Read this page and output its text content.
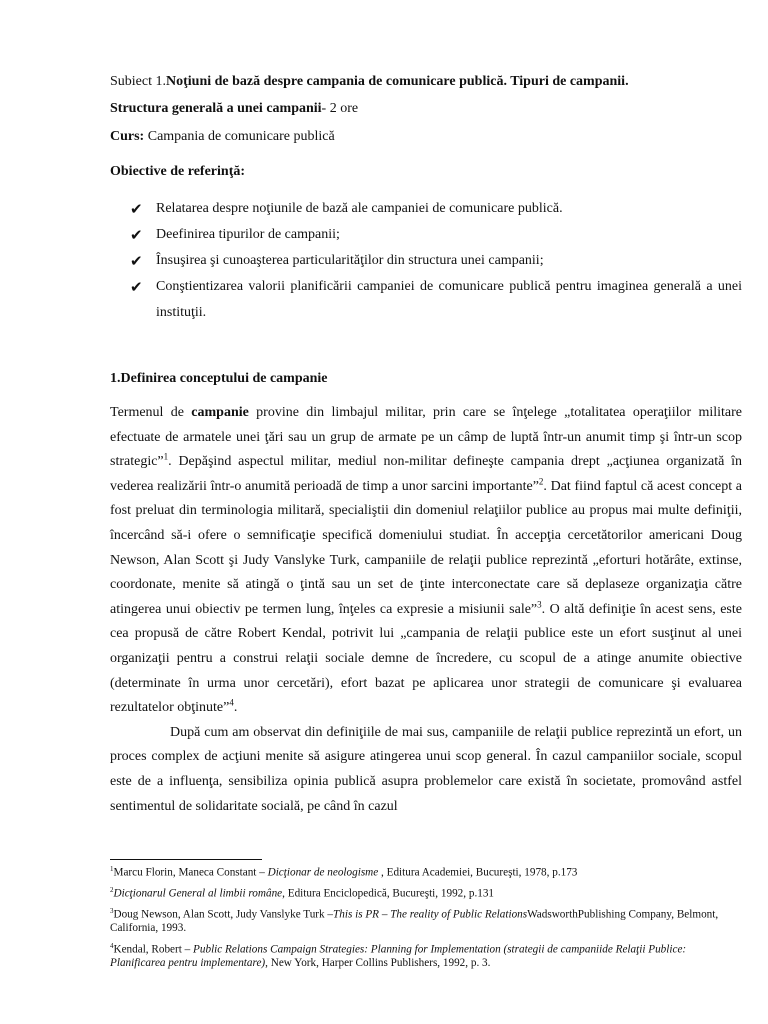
Subiect 1.Noţiuni de bază despre campania de comunicare publică. Tipuri de campanii.
Structura generală a unei campanii- 2 ore
Curs: Campania de comunicare publică
Obiective de referinţă:
✔ Relatarea despre noţiunile de bază ale campaniei de comunicare publică.
✔ Deefinirea tipurilor de campanii;
✔ Însuşirea şi cunoaşterea particularităţilor din structura unei campanii;
✔ Conştientizarea valorii planificării campaniei de comunicare publică pentru imaginea generală a unei instituţii.
1.Definirea conceptului de campanie

Termenul de campanie provine din limbajul militar, prin care se înţelege „totalitatea operaţiilor militare efectuate de armatele unei ţări sau un grup de armate pe un câmp de luptă într-un anumit timp şi într-un scop strategic”$^1$. Depăşind aspectul militar, mediul non-militar defineşte campania drept „acţiunea organizată în vederea realizării într-o anumită perioadă de timp a unor sarcini importante”$^2$. Dat fiind faptul că acest concept a fost preluat din terminologia militară, specialiştii din domeniul relaţiilor publice au propus mai multe definiţii, încercând să-i ofere o semnificaţie specifică domeniului studiat. În accepţia cercetătorilor americani Doug Newson, Alan Scott şi Judy Vanslyke Turk, campaniile de relaţii publice reprezintă „eforturi hotărâte, extinse, coordonate, menite să atingă o ţintă sau un set de ţinte interconectate care să deplaseze organizaţia către atingerea unui obiectiv pe termen lung, înţeles ca expresie a misiunii sale”$^3$. O altă definiţie în acest sens, este cea propusă de către Robert Kendal, potrivit lui „campania de relaţii publice este un efort susţinut al unei organizaţii pentru a construi relaţii sociale demne de încredere, cu scopul de a atinge anumite obiective (determinate în urma unor cercetări), efort bazat pe aplicarea unor strategii de comunicare şi evaluarea rezultatelor obţinute”$^4$.

După cum am observat din definiţiile de mai sus, campaniile de relaţii publice reprezintă un efort, un proces complex de acţiuni menite să asigure atingerea unui scop general. În cazul campaniilor sociale, scopul este de a influenţa, sensibiliza opinia publică asupra problemelor care există în societate, promovând astfel sentimentul de solidaritate socială, pe când în cazul

$^1$Marcu Florin, Maneca Constant – Dicţionar de neologisme , Editura Academiei, Bucureşti, 1978, p.173
$^2$Dicţionarul General al limbii române, Editura Enciclopedică, Bucureşti, 1992, p.131
$^3$Doug Newson, Alan Scott, Judy Vanslyke Turk –This is PR – The reality of Public RelationsWadsworthPublishing Company, Belmont, California, 1993.
$^4$Kendal, Robert – Public Relations Campaign Strategies: Planning for Implementation (strategii de campaniide Relaţii Publice: Planificarea pentru implementare), New York, Harper Collins Publishers, 1992, p. 3.
